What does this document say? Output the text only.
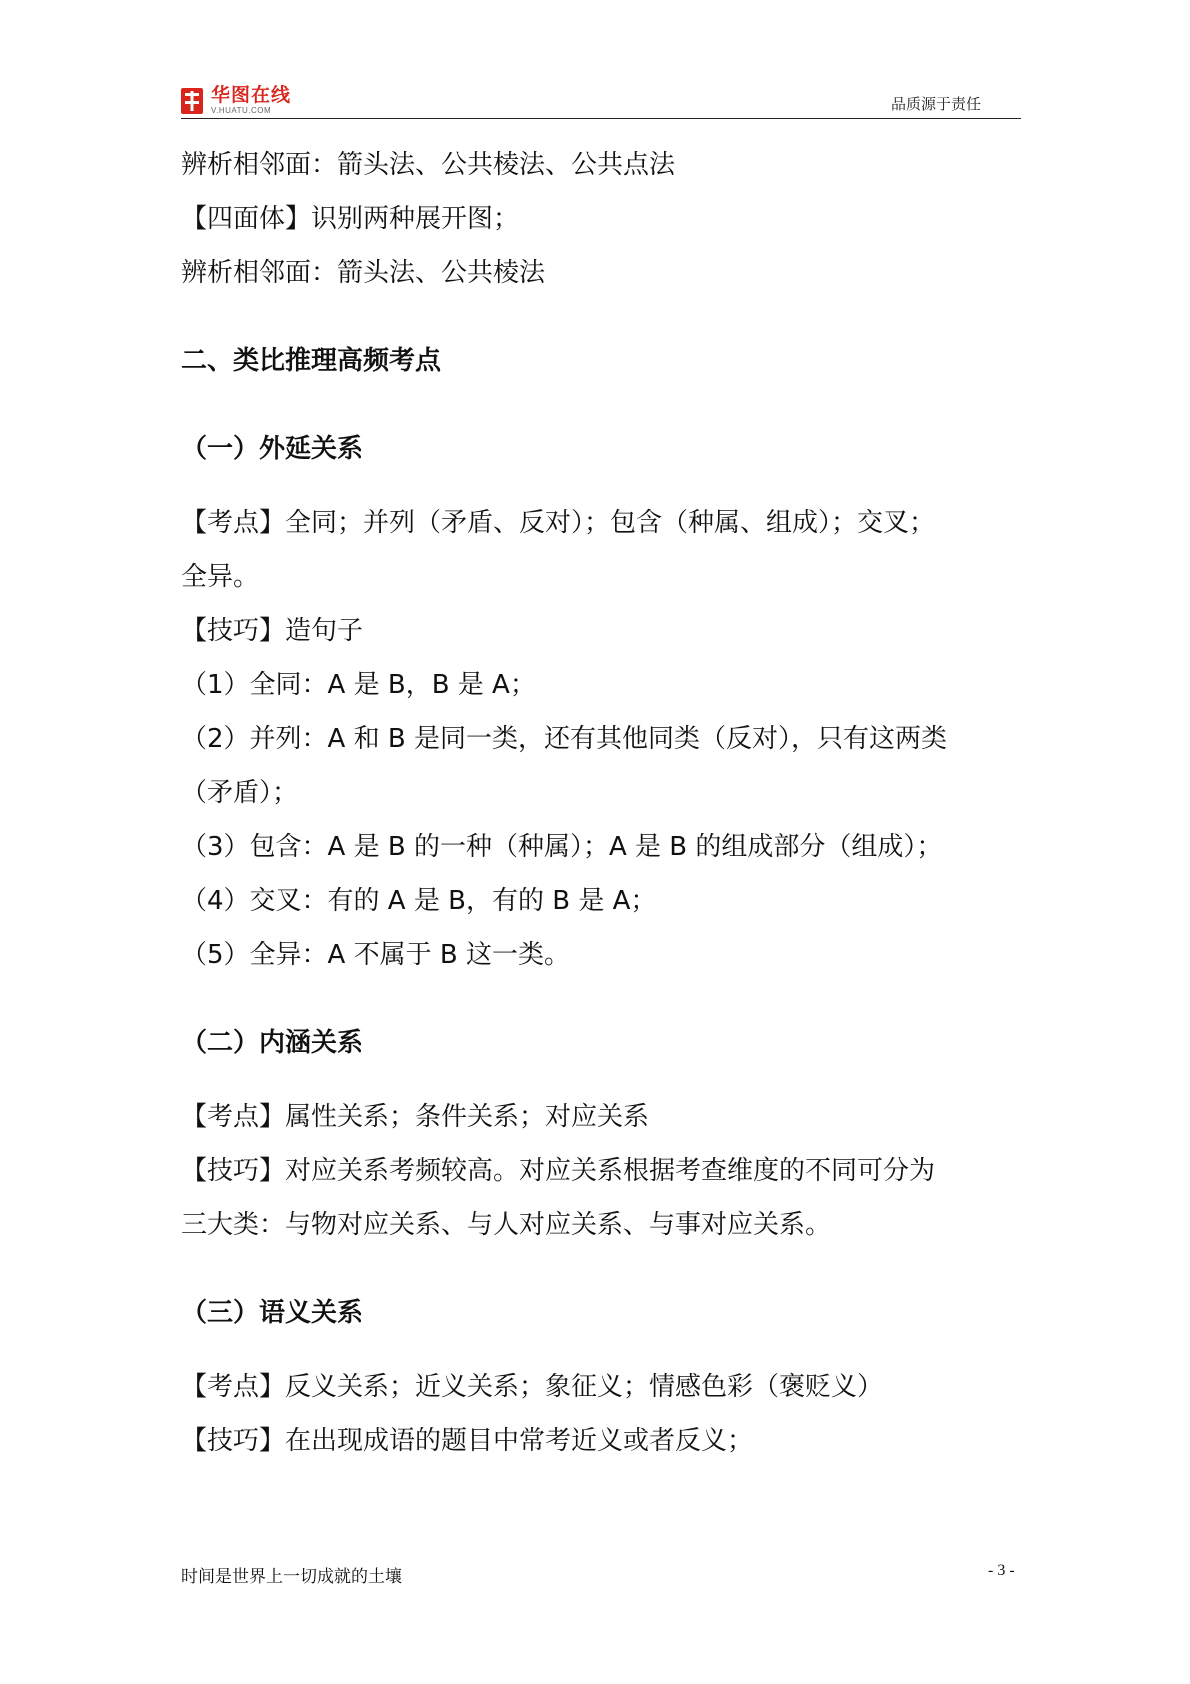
华图在线
V.HUATU.COM	品质源于责任
辨析相邻面：箭头法、公共棱法、公共点法
【四面体】识别两种展开图；
辨析相邻面：箭头法、公共棱法
二、类比推理高频考点
（一）外延关系
【考点】全同；并列（矛盾、反对）；包含（种属、组成）；交叉；
全异。
【技巧】造句子
（1）全同：A 是 B，B 是 A；
（2）并列：A 和 B 是同一类，还有其他同类（反对），只有这两类
（矛盾）；
（3）包含：A 是 B 的一种（种属）；A 是 B 的组成部分（组成）；
（4）交叉：有的 A 是 B，有的 B 是 A；
（5）全异：A 不属于 B 这一类。
（二）内涵关系
【考点】属性关系；条件关系；对应关系
【技巧】对应关系考频较高。对应关系根据考查维度的不同可分为
三大类：与物对应关系、与人对应关系、与事对应关系。
（三）语义关系
【考点】反义关系；近义关系；象征义；情感色彩（褒贬义）
【技巧】在出现成语的题目中常考近义或者反义；
时间是世界上一切成就的土壤	- 3 -
